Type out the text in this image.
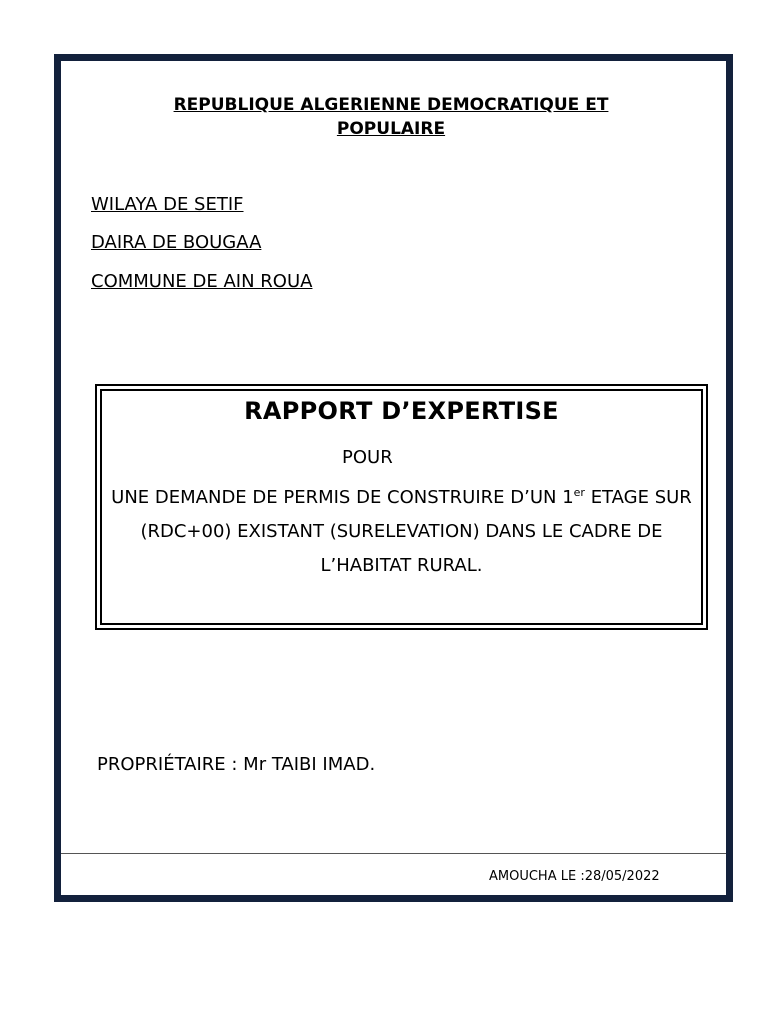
REPUBLIQUE ALGERIENNE DEMOCRATIQUE ET POPULAIRE
WILAYA DE SETIF
DAIRA DE BOUGAA
COMMUNE DE AIN ROUA
RAPPORT D’EXPERTISE
POUR
UNE DEMANDE DE PERMIS DE CONSTRUIRE D’UN 1er ETAGE SUR (RDC+00) EXISTANT (SURELEVATION) DANS LE CADRE DE L’HABITAT RURAL.
PROPRIÉTAIRE : Mr TAIBI IMAD.
AMOUCHA LE :28/05/2022
